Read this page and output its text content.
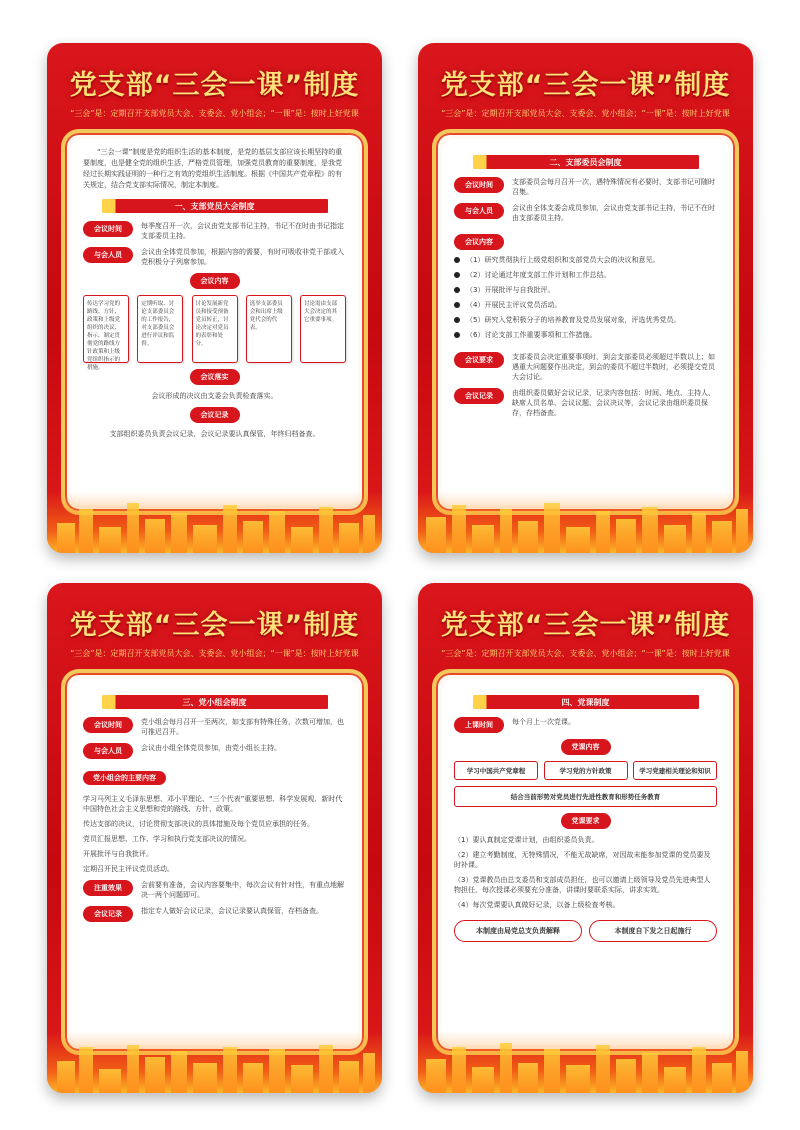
党支部“三会一课”制度
“三会”是：定期召开支部党员大会、支委会、党小组会；“一课”是：按时上好党课

“三会一课”制度是党的组织生活的基本制度，是党的基层支部应该长期坚持的重要制度，也是健全党的组织生活，严格党员管理，加强党员教育的重要制度，是我党经过长期实践证明的一种行之有效的党组织生活制度。根据《中国共产党章程》的有关规定，结合党支部实际情况，制定本制度。

一、支部党员大会制度
会议时间	每季度召开一次，会议由党支部书记主持，书记不在时由书记指定支部委员主持。
与会人员	会议由全体党员参加，根据内容的需要，有时可吸收非党干部或入党积极分子列席参加。
会议内容
传达学习党的路线、方针、政策和上级党组织的决议、指示，制定贯彻党的路线方针政策和上级党组织指示的措施。
定期听取、讨论支部委员会的工作报告，对支部委员会进行评议和监督。
讨论发展新党员和接受预备党员转正，讨论决定对党员的表彰和处分。
选举支部委员会和出席上级党代会的代表。
讨论需由支部大会决定的其它重要事项。
会议落实

会议形成的决议由支委会负责检查落实。

会议记录

支部组织委员负责会议记录，会议记录要认真保管，年终归档备查。

党支部“三会一课”制度
“三会”是：定期召开支部党员大会、支委会、党小组会；“一课”是：按时上好党课
二、支部委员会制度
会议时间	支部委员会每月召开一次，遇特殊情况有必要时，支部书记可随时召集。
与会人员	会议由全体支委会成员参加，会议由党支部书记主持，书记不在时由支部委员主持。
会议内容
（1）研究贯彻执行上级党组织和支部党员大会的决议和意见。
（2）讨论通过年度支部工作计划和工作总结。
（3）开展批评与自我批评。
（4）开展民主评议党员活动。
（5）研究入党积极分子的培养教育及党员发展对象，评选优秀党员。
（6）讨论支部工作重要事项和工作措施。
会议要求	支部委员会决定重要事项时，到会支部委员必须超过半数以上；如遇重大问题要作出决定，到会的委员不超过半数时，必须提交党员大会讨论。
会议记录	由组织委员做好会议记录，记录内容包括：时间、地点、主持人、缺席人员名单、会议议题、会议决议等，会议记录由组织委员保存，存档备查。
党支部“三会一课”制度
“三会”是：定期召开支部党员大会、支委会、党小组会；“一课”是：按时上好党课
三、党小组会制度
会议时间	党小组会每月召开一至两次，如支部有特殊任务，次数可增加，也可推迟召开。
与会人员	会议由小组全体党员参加，由党小组长主持。
党小组会的主要内容

学习马列主义毛泽东思想、邓小平理论、“三个代表”重要思想、科学发展观、新时代中国特色社会主义思想和党的路线、方针、政策。

传达支部的决议，讨论贯彻支部决议的具体措施及每个党员应承担的任务。

党员汇报思想、工作、学习和执行党支部决议的情况。

开展批评与自我批评。

定期召开民主评议党员活动。

注重效果	会前要有准备，会议内容要集中，每次会议有针对性，有重点地解决一两个问题即可。
会议记录	指定专人做好会议记录，会议记录要认真保管，存档备查。
党支部“三会一课”制度
“三会”是：定期召开支部党员大会、支委会、党小组会；“一课”是：按时上好党课
四、党课制度
上课时间	每个月上一次党课。
党课内容
学习中国共产党章程	学习党的方针政策	学习党建相关理论和知识
结合当前形势对党员进行先进性教育和形势任务教育
党课要求

（1）要认真制定党课计划，由组织委员负责。

（2）建立考勤制度，无特殊情况，不能无故缺席，对因故未能参加党课的党员要及时补课。

（3）党课教员由总支委员和支部成员担任，也可以邀请上级领导及党员先进典型人物担任，每次授课必须要充分准备，讲课时要联系实际，讲求实效。

（4）每次党课要认真做好记录，以备上级检查考核。

本制度由局党总支负责解释	本制度自下发之日起施行
